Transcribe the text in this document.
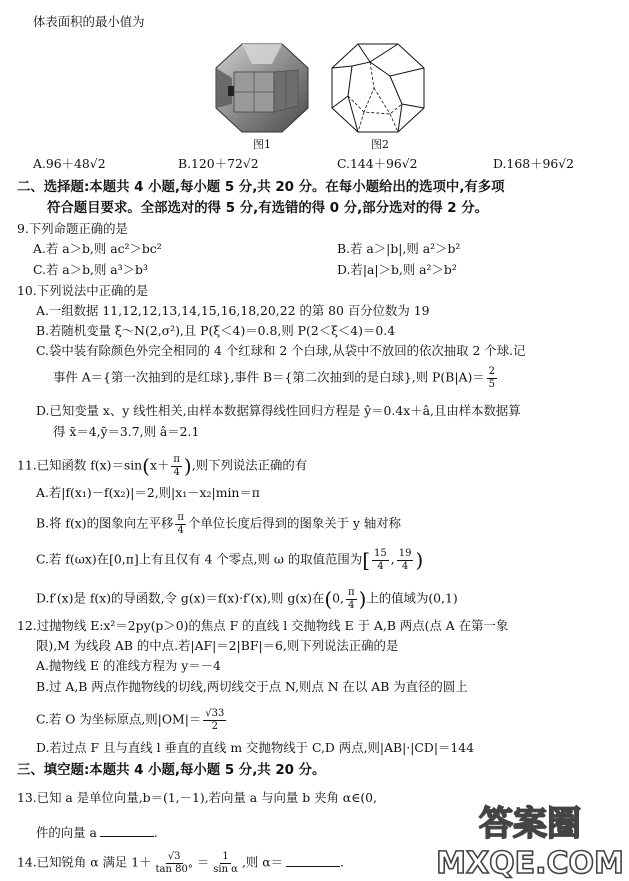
体表面积的最小值为
图1	图2
A.96＋48√2	B.120＋72√2	C.144＋96√2	D.168＋96√2
二、选择题:本题共 4 小题,每小题 5 分,共 20 分。在每小题给出的选项中,有多项
符合题目要求。全部选对的得 5 分,有选错的得 0 分,部分选对的得 2 分。
9.下列命题正确的是
A.若 a＞b,则 ac²＞bc²	B.若 a＞|b|,则 a²＞b²
C.若 a＞b,则 a³＞b³	D.若|a|＞b,则 a²＞b²
10.下列说法中正确的是
A.一组数据 11,12,12,13,14,15,16,18,20,22 的第 80 百分位数为 19
B.若随机变量 ξ～N(2,σ²),且 P(ξ＜4)＝0.8,则 P(2＜ξ＜4)＝0.4
C.袋中装有除颜色外完全相同的 4 个红球和 2 个白球,从袋中不放回的依次抽取 2 个球.记
事件 A＝{第一次抽到的是红球},事件 B＝{第二次抽到的是白球},则 $P(B|A)= \frac{2}{5}$
D.已知变量 x、y 线性相关,由样本数据算得线性回归方程是 ŷ＝0.4x＋â,且由样本数据算
得 x̄＝4,ȳ＝3.7,则 â＝2.1
11.已知函数 $f(x)=\sin(x+ \frac{\pi}{4}$ ),则下列说法正确的有
A.若|f(x₁)－f(x₂)|＝2,则|x₁－x₂|min＝π
B.将 f(x)的图象向左平移 $\frac{\pi}{4}$ 个单位长度后得到的图象关于 y 轴对称
C.若 f(ωx)在[0,π]上有且仅有 4 个零点,则 ω 的取值范围为[ $\frac{15}{4}$ , $\frac{19}{4}$ )
D.f′(x)是 f(x)的导函数,令 g(x)＝f(x)·f′(x),则 g(x)在(0, $\frac{\pi}{4}$ )上的值域为(0,1)
12.过抛物线 E:x²＝2py(p＞0)的焦点 F 的直线 l 交抛物线 E 于 A,B 两点(点 A 在第一象
限),M 为线段 AB 的中点.若|AF|＝2|BF|＝6,则下列说法正确的是
A.抛物线 E 的准线方程为 y＝－4
B.过 A,B 两点作抛物线的切线,两切线交于点 N,则点 N 在以 AB 为直径的圆上
C.若 O 为坐标原点,则$|OM|= \frac{√33}{2}$
D.若过点 F 且与直线 l 垂直的直线 m 交抛物线于 C,D 两点,则|AB|·|CD|＝144
三、填空题:本题共 4 小题,每小题 5 分,共 20 分。
13.已知 a 是单位向量,b＝(1,－1),若向量 a 与向量 b 夹角 α∈(0,
件的向量 a	.
14.已知锐角 α 满足 $1+ \frac{√3}{\tan 80^\circ} = \frac{1}{\text{sin α}}$ ,则 α＝	.
答案圈
MXQE.COM
